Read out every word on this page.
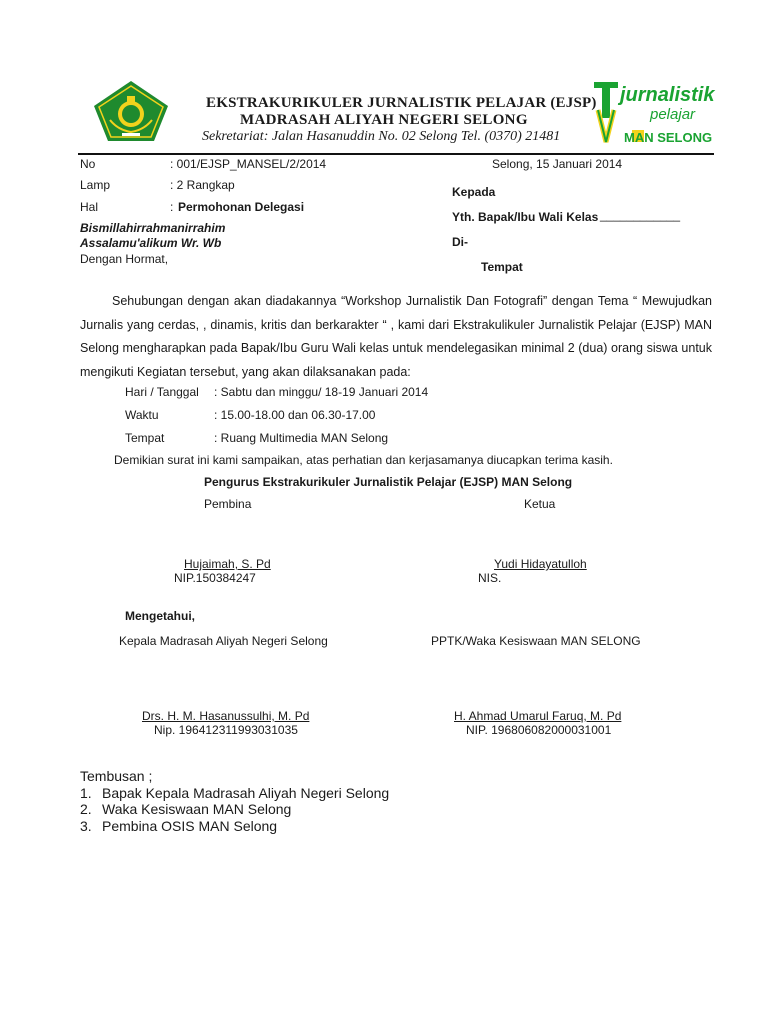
EKSTRAKURIKULER JURNALISTIK PELAJAR (EJSP)
MADRASAH ALIYAH NEGERI SELONG
Sekretariat: Jalan Hasanuddin No. 02 Selong Tel. (0370) 21481
jurnalistik
pelajar
MAN SELONG
No	: 001/EJSP_MANSEL/2/2014	Selong, 15 Januari 2014
Lamp	: 2 Rangkap
Hal	: Permohonan Delegasi
Kepada
Yth. Bapak/Ibu Wali Kelas ____________
Di-
Tempat
Bismillahirrahmanirrahim
Assalamu'alikum Wr. Wb
Dengan Hormat,
Sehubungan dengan akan diadakannya “Workshop Jurnalistik Dan Fotografi” dengan Tema “ Mewujudkan Jurnalis yang cerdas, , dinamis, kritis dan berkarakter “ , kami dari Ekstrakulikuler Jurnalistik Pelajar (EJSP) MAN Selong mengharapkan pada Bapak/Ibu Guru Wali kelas untuk mendelegasikan minimal 2 (dua) orang siswa untuk mengikuti Kegiatan tersebut, yang akan dilaksanakan pada:
Hari / Tanggal : Sabtu dan minggu/ 18-19 Januari 2014
Waktu	: 15.00-18.00 dan 06.30-17.00
Tempat	: Ruang Multimedia MAN Selong
Demikian surat ini kami sampaikan, atas perhatian dan kerjasamanya diucapkan terima kasih.
Pengurus Ekstrakurikuler Jurnalistik Pelajar (EJSP) MAN Selong
Pembina	Ketua
Hujaimah, S. Pd
NIP.150384247
Yudi Hidayatulloh
NIS.
Mengetahui,
Kepala Madrasah Aliyah Negeri Selong	PPTK/Waka Kesiswaan MAN SELONG
Drs. H. M. Hasanussulhi, M. Pd
Nip. 196412311993031035
H. Ahmad Umarul Faruq, M. Pd
NIP. 196806082000031001
Tembusan ;
1. Bapak Kepala Madrasah Aliyah Negeri Selong
2. Waka Kesiswaan MAN Selong
3. Pembina OSIS MAN Selong
